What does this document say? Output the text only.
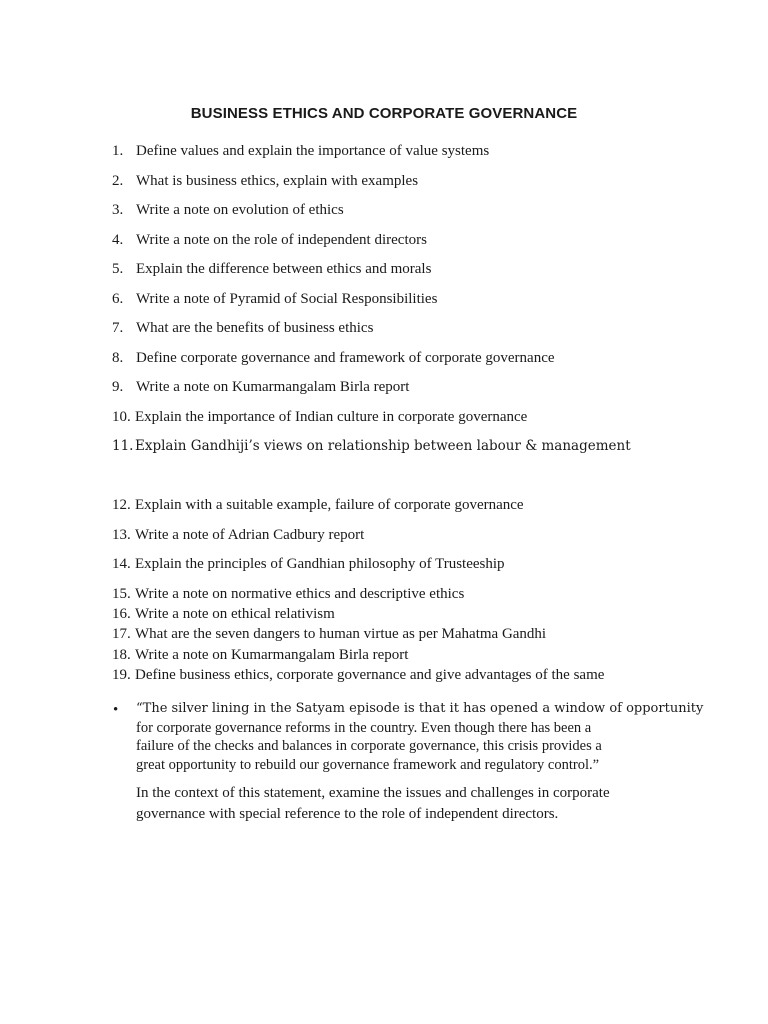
BUSINESS ETHICS AND CORPORATE GOVERNANCE

1. Define values and explain the importance of value systems

2. What is business ethics, explain with examples

3. Write a note on evolution of ethics

4. Write a note on the role of independent directors

5. Explain the difference between ethics and morals

6. Write a note of Pyramid of Social Responsibilities

7. What are the benefits of business ethics

8. Define corporate governance and framework of corporate governance

9. Write a note on Kumarmangalam Birla report

10. Explain the importance of Indian culture in corporate governance

11. Explain Gandhiji’s views on relationship between labour & management

12. Explain with a suitable example, failure of corporate governance

13. Write a note of Adrian Cadbury report

14. Explain the principles of Gandhian philosophy of Trusteeship

15. Write a note on normative ethics and descriptive ethics

16. Write a note on ethical relativism

17. What are the seven dangers to human virtue as per Mahatma Gandhi

18. Write a note on Kumarmangalam Birla report

19. Define business ethics, corporate governance and give advantages of the same

• “The silver lining in the Satyam episode is that it has opened a window of opportunity
for corporate governance reforms in the country. Even though there has been a
failure of the checks and balances in corporate governance, this crisis provides a
great opportunity to rebuild our governance framework and regulatory control.”

In the context of this statement, examine the issues and challenges in corporate
governance with special reference to the role of independent directors.
